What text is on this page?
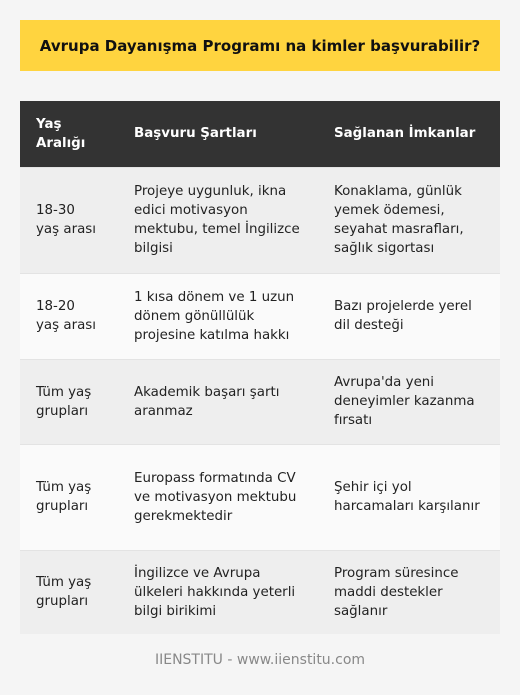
Avrupa Dayanışma Programı na kimler başvurabilir?
Yaş Aralığı	Başvuru Şartları	Sağlanan İmkanlar
18-30 yaş arası	Projeye uygunluk, ikna edici motivasyon mektubu, temel İngilizce bilgisi	Konaklama, günlük yemek ödemesi, seyahat masrafları, sağlık sigortası
18-20 yaş arası	1 kısa dönem ve 1 uzun dönem gönüllülük projesine katılma hakkı	Bazı projelerde yerel dil desteği
Tüm yaş grupları	Akademik başarı şartı aranmaz	Avrupa'da yeni deneyimler kazanma fırsatı
Tüm yaş grupları	Europass formatında CV ve motivasyon mektubu gerekmektedir	Şehir içi yol harcamaları karşılanır
Tüm yaş grupları	İngilizce ve Avrupa ülkeleri hakkında yeterli bilgi birikimi	Program süresince maddi destekler sağlanır
IIENSTITU - www.iienstitu.com
